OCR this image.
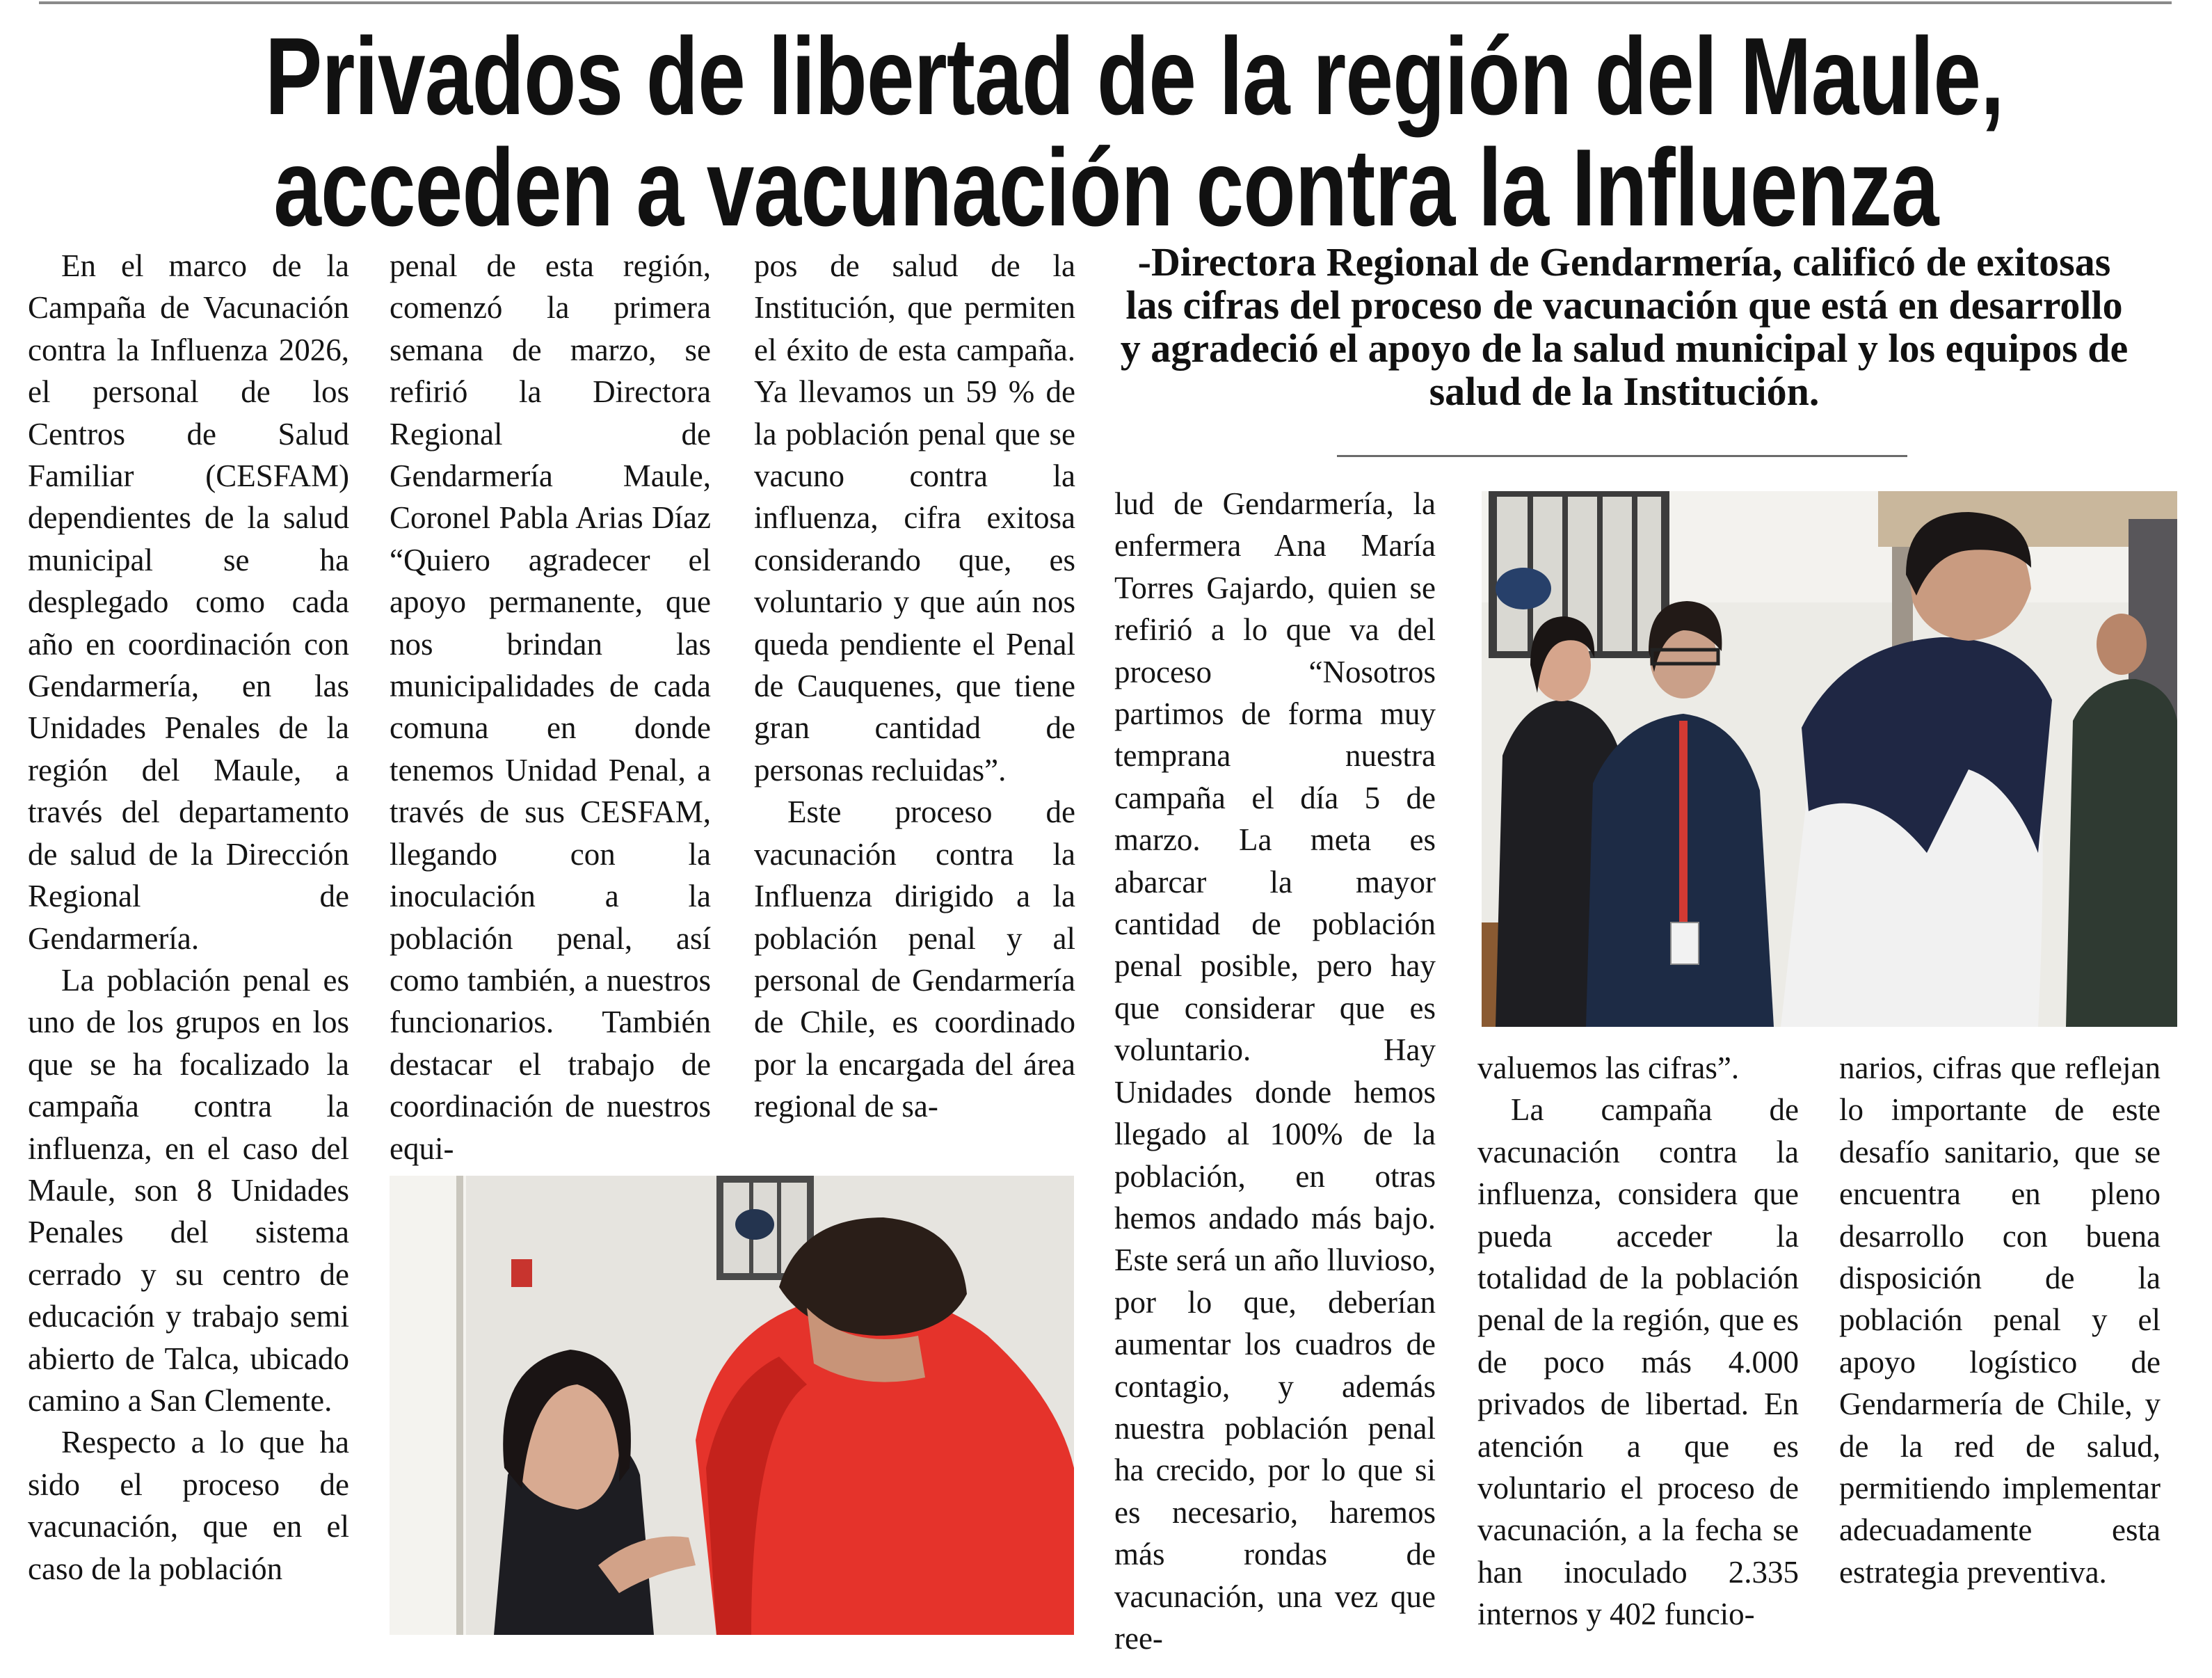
Privados de libertad de la región del Maule,
acceden a vacunación contra la Influenza

En el marco de la Campaña de Vacunación contra la Influenza 2026, el personal de los Centros de Salud Familiar (CESFAM) dependientes de la salud municipal se ha desplegado como cada año en coordinación con Gendarmería, en las Unidades Penales de la región del Maule, a través del departamento de salud de la Dirección Regional de Gendarmería.

La población penal es uno de los grupos en los que se ha focalizado la campaña contra la influenza, en el caso del Maule, son 8 Unidades Penales del sistema cerrado y su centro de educación y trabajo semi abierto de Talca, ubicado camino a San Clemente.

Respecto a lo que ha sido el proceso de vacunación, que en el caso de la población

penal de esta región, comenzó la primera semana de marzo, se refirió la Directora Regional de Gendarmería Maule, Coronel Pabla Arias Díaz “Quiero agradecer el apoyo permanente, que nos brindan las municipalidades de cada comuna en donde tenemos Unidad Penal, a través de sus CESFAM, llegando con la inoculación a la población penal, así como también, a nuestros funcionarios. También destacar el trabajo de coordinación de nuestros equi-

pos de salud de la Institución, que permiten el éxito de esta campaña. Ya llevamos un 59 % de la población penal que se vacuno contra la influenza, cifra exitosa considerando que, es voluntario y que aún nos queda pendiente el Penal de Cauquenes, que tiene gran cantidad de personas recluidas”.

Este proceso de vacunación contra la Influenza dirigido a la población penal y al personal de Gendarmería de Chile, es coordinado por la encargada del área regional de sa-

-Directora Regional de Gendarmería, calificó de exitosas las cifras del proceso de vacunación que está en desarrollo y agradeció el apoyo de la salud municipal y los equipos de salud de la Institución.

lud de Gendarmería, la enfermera Ana María Torres Gajardo, quien se refirió a lo que va del proceso “Nosotros partimos de forma muy temprana nuestra campaña el día 5 de marzo. La meta es abarcar la mayor cantidad de población penal posible, pero hay que considerar que es voluntario. Hay Unidades donde hemos llegado al 100% de la población, en otras hemos andado más bajo. Este será un año lluvioso, por lo que, deberían aumentar los cuadros de contagio, y además nuestra población penal ha crecido, por lo que si es necesario, haremos más rondas de vacunación, una vez que ree-

valuemos las cifras”.

La campaña de vacunación contra la influenza, considera que pueda acceder la totalidad de la población penal de la región, que es de poco más 4.000 privados de libertad. En atención a que es voluntario el proceso de vacunación, a la fecha se han inoculado 2.335 internos y 402 funcio-

narios, cifras que reflejan lo importante de este desafío sanitario, que se encuentra en pleno desarrollo con buena disposición de la población penal y el apoyo logístico de Gendarmería de Chile, y de la red de salud, permitiendo implementar adecuadamente esta estrategia preventiva.
